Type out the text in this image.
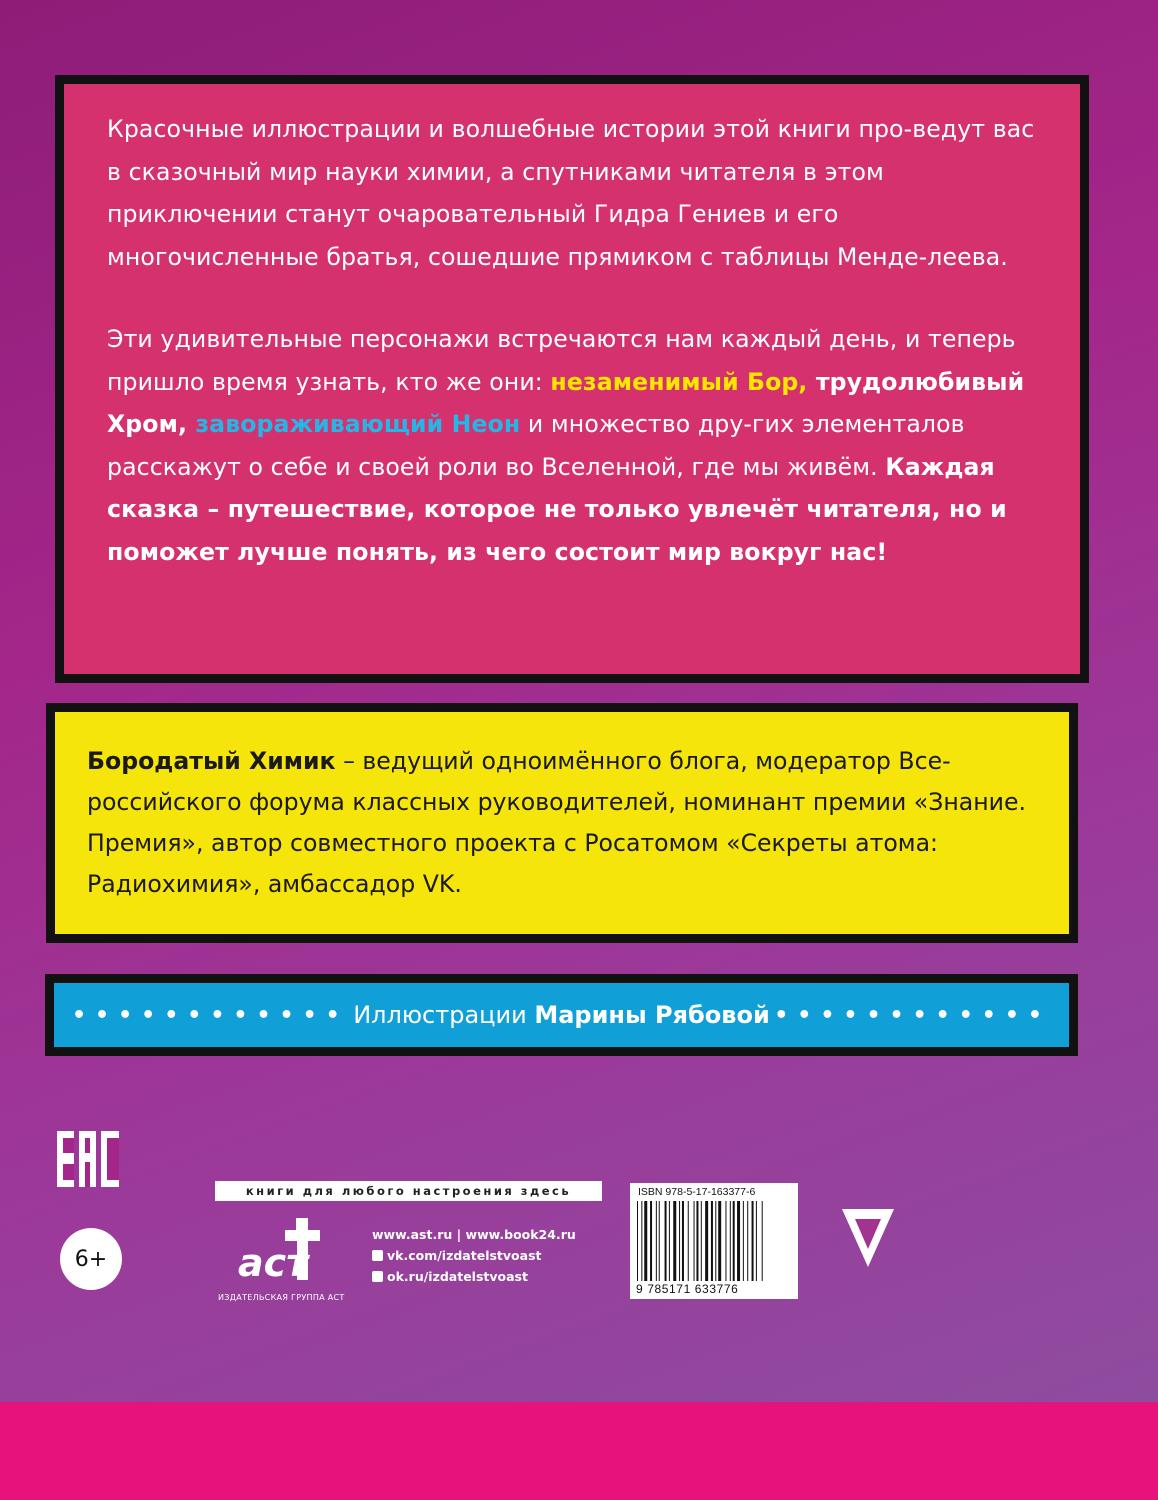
Красочные иллюстрации и волшебные истории этой книги про-ведут вас в сказочный мир науки химии, а спутниками читателя в этом приключении станут очаровательный Гидра Гениев и его многочисленные братья, сошедшие прямиком с таблицы Менде-леева.

Эти удивительные персонажи встречаются нам каждый день, и теперь пришло время узнать, кто же они: незаменимый Бор, трудолюбивый Хром, завораживающий Неон и множество дру-гих элементалов расскажут о себе и своей роли во Вселенной, где мы живём. Каждая сказка – путешествие, которое не только увлечёт читателя, но и поможет лучше понять, из чего состоит мир вокруг нас!

Бородатый Химик – ведущий одноимённого блога, модератор Все-российского форума классных руководителей, номинант премии «Знание. Премия», автор совместного проекта с Росатомом «Секреты атома: Радиохимия», амбассадор VK.

•••••••••••• Иллюстрации Марины Рябовой ••••••••••••
6+
книги для любого настроения здесь
аст
ИЗДАТЕЛЬСКАЯ ГРУППА АСТ
www.ast.ru | www.book24.ru
vk.com/izdatelstvoast
ok.ru/izdatelstvoast
ISBN 978-5-17-163377-6
9 785171 633776
